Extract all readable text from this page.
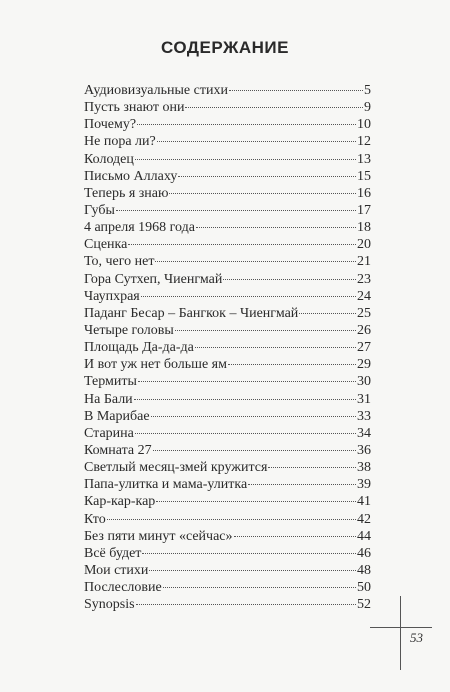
СОДЕРЖАНИЕ
Аудиовизуальные стихи	5
Пусть знают они	9
Почему?	10
Не пора ли?	12
Колодец	13
Письмо Аллаху	15
Теперь я знаю	16
Губы	17
4 апреля 1968 года	18
Сценка	20
То, чего нет	21
Гора Сутхеп, Чиенгмай	23
Чаупхрая	24
Паданг Бесар – Бангкок – Чиенгмай	25
Четыре головы	26
Площадь Да-да-да	27
И вот уж нет больше ям	29
Термиты	30
На Бали	31
В Марибае	33
Старина	34
Комната 27	36
Светлый месяц-змей кружится	38
Папа-улитка и мама-улитка	39
Кар-кар-кар	41
Кто	42
Без пяти минут «сейчас»	44
Всё будет	46
Мои стихи	48
Послесловие	50
Synopsis	52
53
